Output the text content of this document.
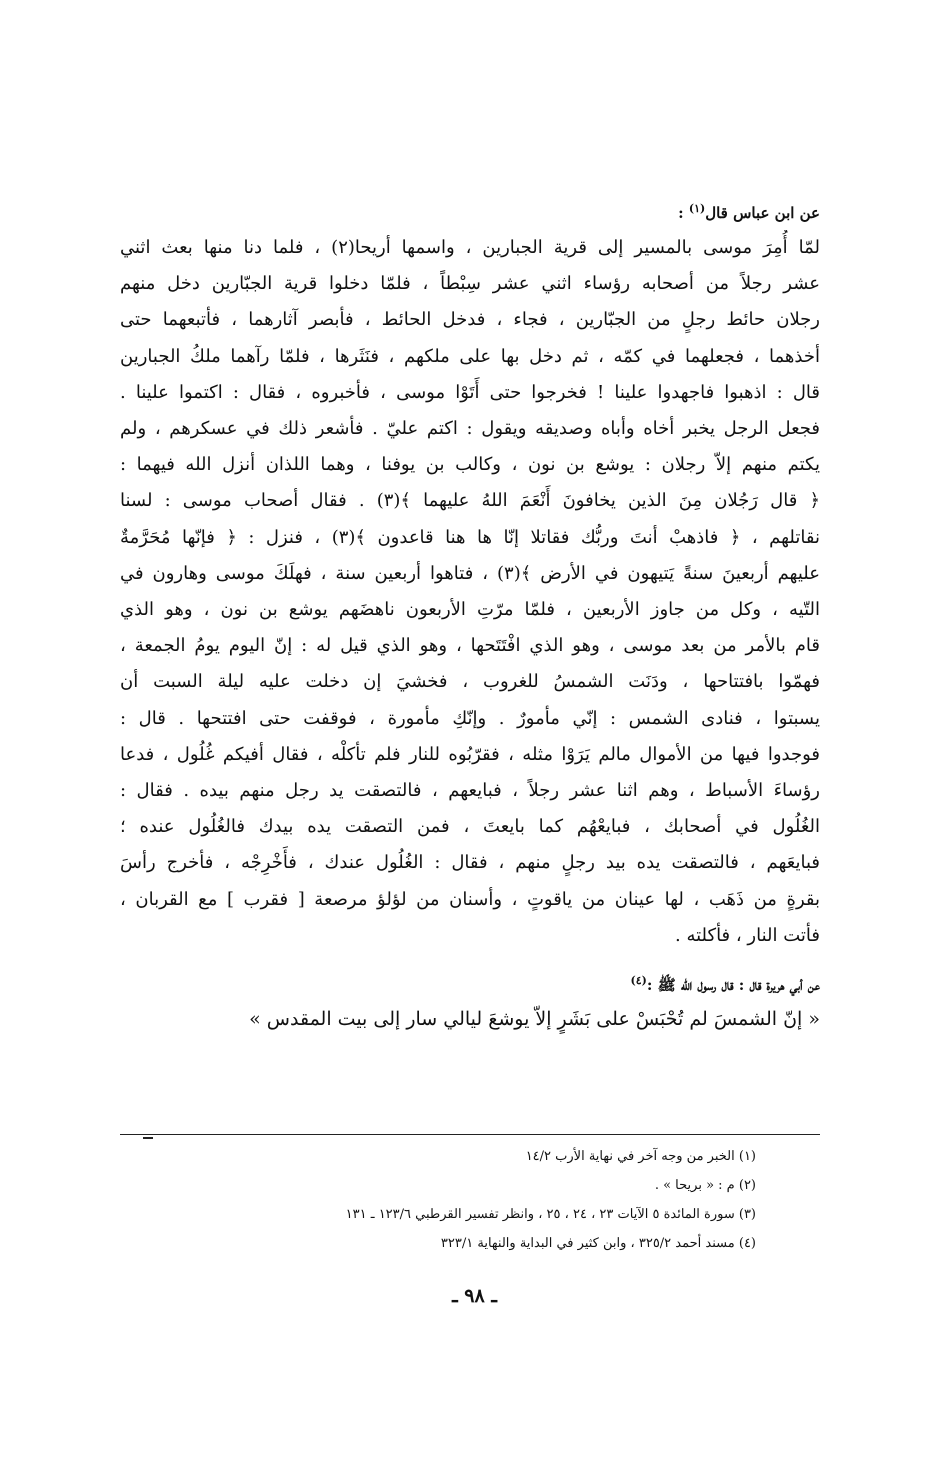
عن ابن عباس قال$^{(١)}$ :

لمّا أُمِرَ موسى بالمسير إلى قرية الجبارين ، واسمها أريحا(٢) ، فلما دنا منها بعث اثني
عشر رجلاً من أصحابه رؤساء اثني عشر سِبْطاً ، فلمّا دخلوا قرية الجبّارين دخل منهم
رجلان حائط رجلٍ من الجبّارين ، فجاء ، فدخل الحائط ، فأبصر آثارهما ، فأتبعهما حتى
أخذهما ، فجعلهما في كمّه ، ثم دخل بها على ملكهم ، فنَثَرها ، فلمّا رآهما ملكُ الجبارين
قال : اذهبوا فاجهدوا علينا ! فخرجوا حتى أَتَوْا موسى ، فأخبروه ، فقال : اكتموا علينا .
فجعل الرجل يخبر أخاه وأباه وصديقه ويقول : اكتم عليّ . فأشعر ذلك في عسكرهم ، ولم
يكتم منهم إلاّ رجلان : يوشع بن نون ، وكالب بن يوفنا ، وهما اللذان أنزل الله فيهما :
﴿ قال رَجُلان مِنَ الذين يخافونَ أَنْعَمَ اللهُ عليهما ﴾(٣) . فقال أصحاب موسى : لسنا
نقاتلهم ، ﴿ فاذهبْ أنتَ وربُّك فقاتلا إنّا ها هنا قاعدون ﴾(٣) ، فنزل : ﴿ فإنّها مُحَرَّمةٌ
عليهم أربعينَ سنةً يَتيهون في الأرض ﴾(٣) ، فتاهوا أربعين سنة ، فهلَكَ موسى وهارون في
التّيه ، وكل من جاوز الأربعين ، فلمّا مرّتِ الأربعون ناهضَهم يوشع بن نون ، وهو الذي
قام بالأمر من بعد موسى ، وهو الذي افْتَتَحها ، وهو الذي قيل له : إنّ اليوم يومُ الجمعة ،
فهمّوا بافتتاحها ، ودَنَت الشمسُ للغروب ، فخشيَ إن دخلت عليه ليلة السبت أن
يسبتوا ، فنادى الشمس : إنّي مأمورٌ . وإنّكِ مأمورة ، فوقفت حتى افتتحها . قال :
فوجدوا فيها من الأموال مالم يَرَوْا مثله ، فقرّبُوه للنار فلم تأكلْه ، فقال أفيكم غُلُول ، فدعا
رؤساءَ الأسباط ، وهم اثنا عشر رجلاً ، فبايعهم ، فالتصقت يد رجل منهم بيده . فقال :
الغُلُول في أصحابك ، فبايعْهُم كما بايعتَ ، فمن التصقت يده بيدك فالغُلُول عنده ؛
فبايعَهم ، فالتصقت يده بيد رجلٍ منهم ، فقال : الغُلُول عندك ، فأَخْرِجْه ، فأخرج رأسَ
بقرةٍ من ذَهَب ، لها عينان من ياقوتٍ ، وأسنان من لؤلؤ مرصعة [ فقرب ] مع القربان ،
فأتت النار ، فأكلته .

عن أبي هريرة قال : قال رسول الله ﷺ :$^{(٤)}$

« إنّ الشمسَ لم تُحْبَسْ على بَشَرٍ إلاّ يوشعَ ليالي سار إلى بيت المقدس »

(١) الخبر من وجه آخر في نهاية الأرب ١٤/٢

(٢) م : « بريحا » .

(٣) سورة المائدة ٥ الآيات ٢٣ ، ٢٤ ، ٢٥ ، وانظر تفسير القرطبي ١٢٣/٦ ـ ١٣١

(٤) مسند أحمد ٣٢٥/٢ ، وابن كثير في البداية والنهاية ٣٢٣/١

ـ ٩٨ ـ
